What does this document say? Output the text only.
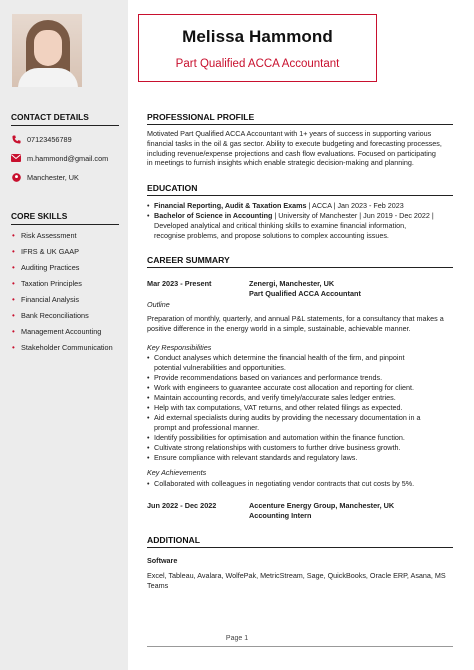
Melissa Hammond
Part Qualified ACCA Accountant
CONTACT DETAILS
07123456789
m.hammond@gmail.com
Manchester, UK
CORE SKILLS
• Risk Assessment
• IFRS & UK GAAP
• Auditing Practices
• Taxation Principles
• Financial Analysis
• Bank Reconciliations
• Management Accounting
• Stakeholder Communication
PROFESSIONAL PROFILE
Motivated Part Qualified ACCA Accountant with 1+ years of success in supporting various
financial tasks in the oil & gas sector. Ability to execute budgeting and forecasting processes,
including revenue/expense projections and cash flow evaluations. Focused on participating
in meetings to furnish insights which enable strategic decision-making and planning.
EDUCATION
• Financial Reporting, Audit & Taxation Exams | ACCA | Jan 2023 - Feb 2023
• Bachelor of Science in Accounting | University of Manchester | Jun 2019 - Dec 2022 |
Developed analytical and critical thinking skills to examine financial information,
recognise problems, and propose solutions to complex accounting issues.
CAREER SUMMARY
Mar 2023 - Present	Zenergi, Manchester, UK
Part Qualified ACCA Accountant
Outline
Preparation of monthly, quarterly, and annual P&L statements, for a consultancy that makes a
positive difference in the energy world in a simple, sustainable, achievable manner.
Key Responsibilities
• Conduct analyses which determine the financial health of the firm, and pinpoint
potential vulnerabilities and opportunities.
• Provide recommendations based on variances and performance trends.
• Work with engineers to guarantee accurate cost allocation and reporting for client.
• Maintain accounting records, and verify timely/accurate sales ledger entries.
• Help with tax computations, VAT returns, and other related filings as expected.
• Aid external specialists during audits by providing the necessary documentation in a
prompt and professional manner.
• Identify possibilities for optimisation and automation within the finance function.
• Cultivate strong relationships with customers to further drive business growth.
• Ensure compliance with relevant standards and regulatory laws.
Key Achievements
• Collaborated with colleagues in negotiating vendor contracts that cut costs by 5%.
Jun 2022 - Dec 2022	Accenture Energy Group, Manchester, UK
Accounting Intern
ADDITIONAL
Software
Excel, Tableau, Avalara, WolfePak, MetricStream, Sage, QuickBooks, Oracle ERP, Asana, MS
Teams
Page 1
